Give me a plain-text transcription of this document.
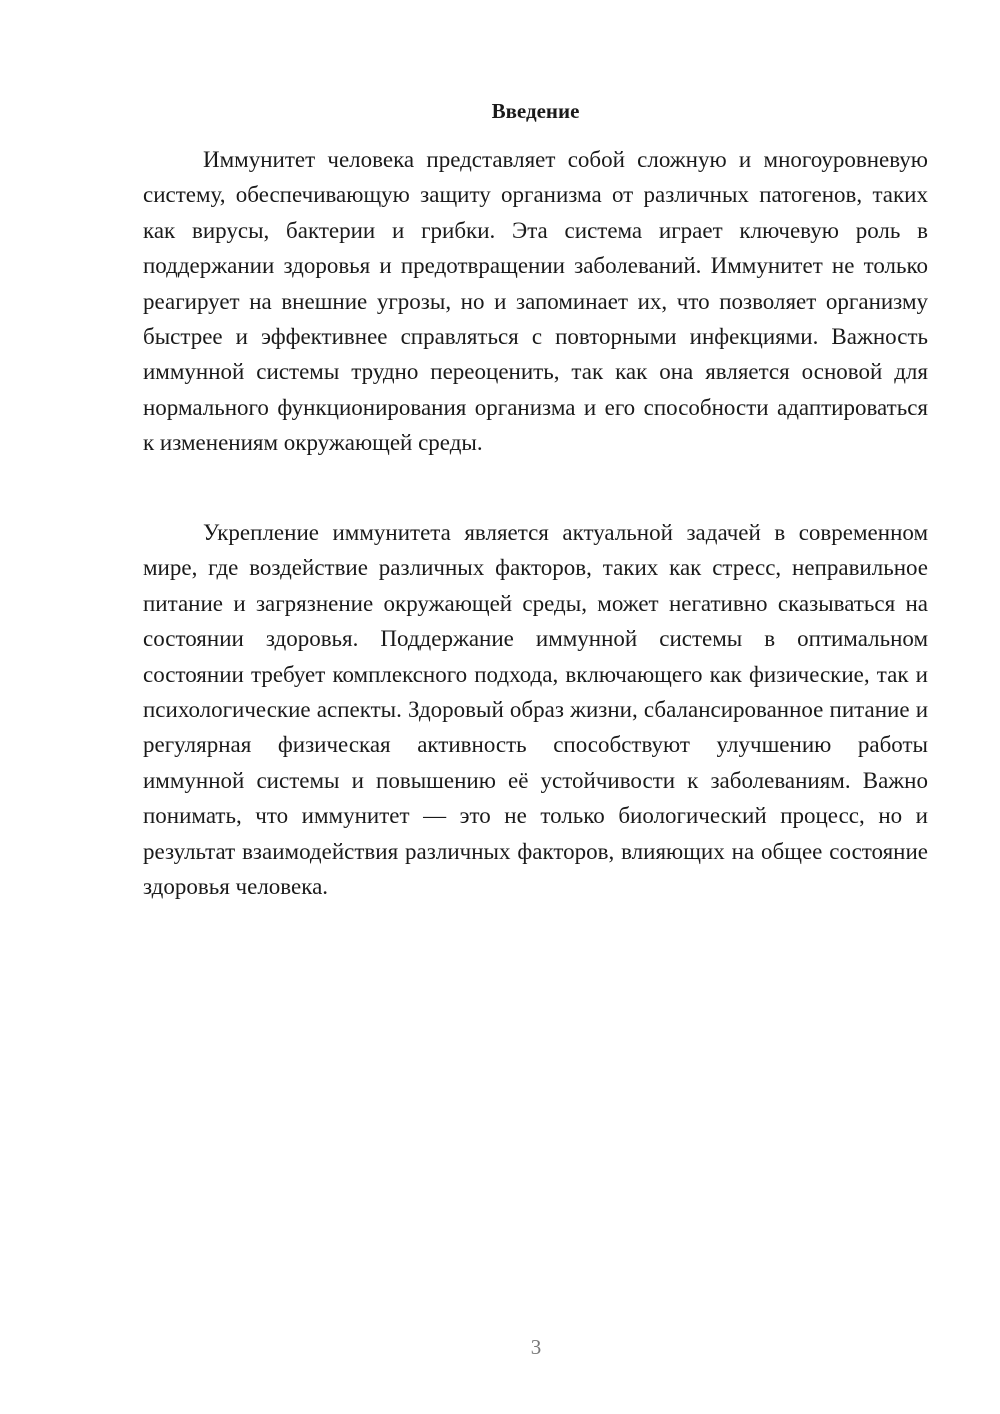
Введение

Иммунитет человека представляет собой сложную и многоуровневую систему, обеспечивающую защиту организма от различных патогенов, таких как вирусы, бактерии и грибки. Эта система играет ключевую роль в поддержании здоровья и предотвращении заболеваний. Иммунитет не только реагирует на внешние угрозы, но и запоминает их, что позволяет организму быстрее и эффективнее справляться с повторными инфекциями. Важность иммунной системы трудно переоценить, так как она является основой для нормального функционирования организма и его способности адаптироваться к изменениям окружающей среды.

Укрепление иммунитета является актуальной задачей в современном мире, где воздействие различных факторов, таких как стресс, неправильное питание и загрязнение окружающей среды, может негативно сказываться на состоянии здоровья. Поддержание иммунной системы в оптимальном состоянии требует комплексного подхода, включающего как физические, так и психологические аспекты. Здоровый образ жизни, сбалансированное питание и регулярная физическая активность способствуют улучшению работы иммунной системы и повышению её устойчивости к заболеваниям. Важно понимать, что иммунитет — это не только биологический процесс, но и результат взаимодействия различных факторов, влияющих на общее состояние здоровья человека.

3
